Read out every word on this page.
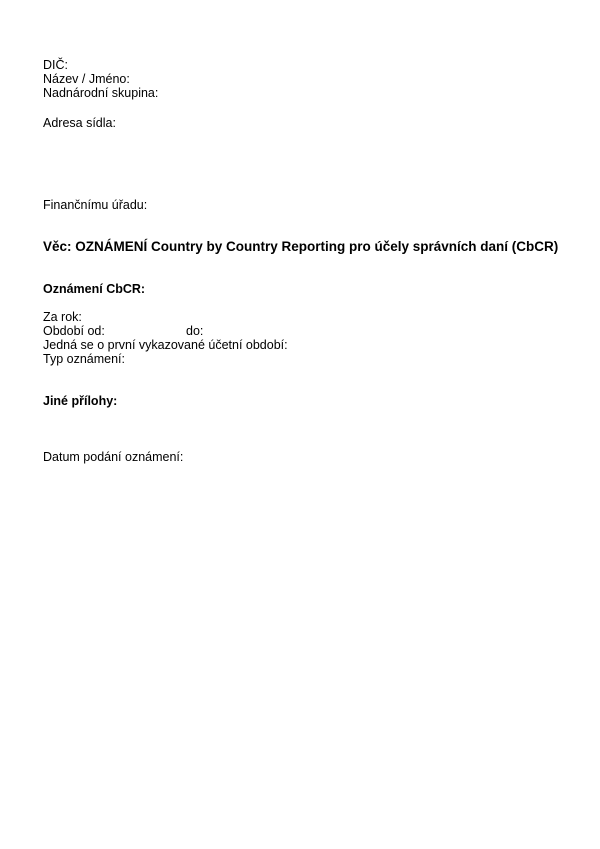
DIČ:
Název / Jméno:
Nadnárodní skupina:
Adresa sídla:
Finančnímu úřadu:
Věc: OZNÁMENÍ Country by Country Reporting pro účely správních daní (CbCR)
Oznámení CbCR:
Za rok:
Období od:	do:
Jedná se o první vykazované účetní období:
Typ oznámení:
Jiné přílohy:
Datum podání oznámení:
